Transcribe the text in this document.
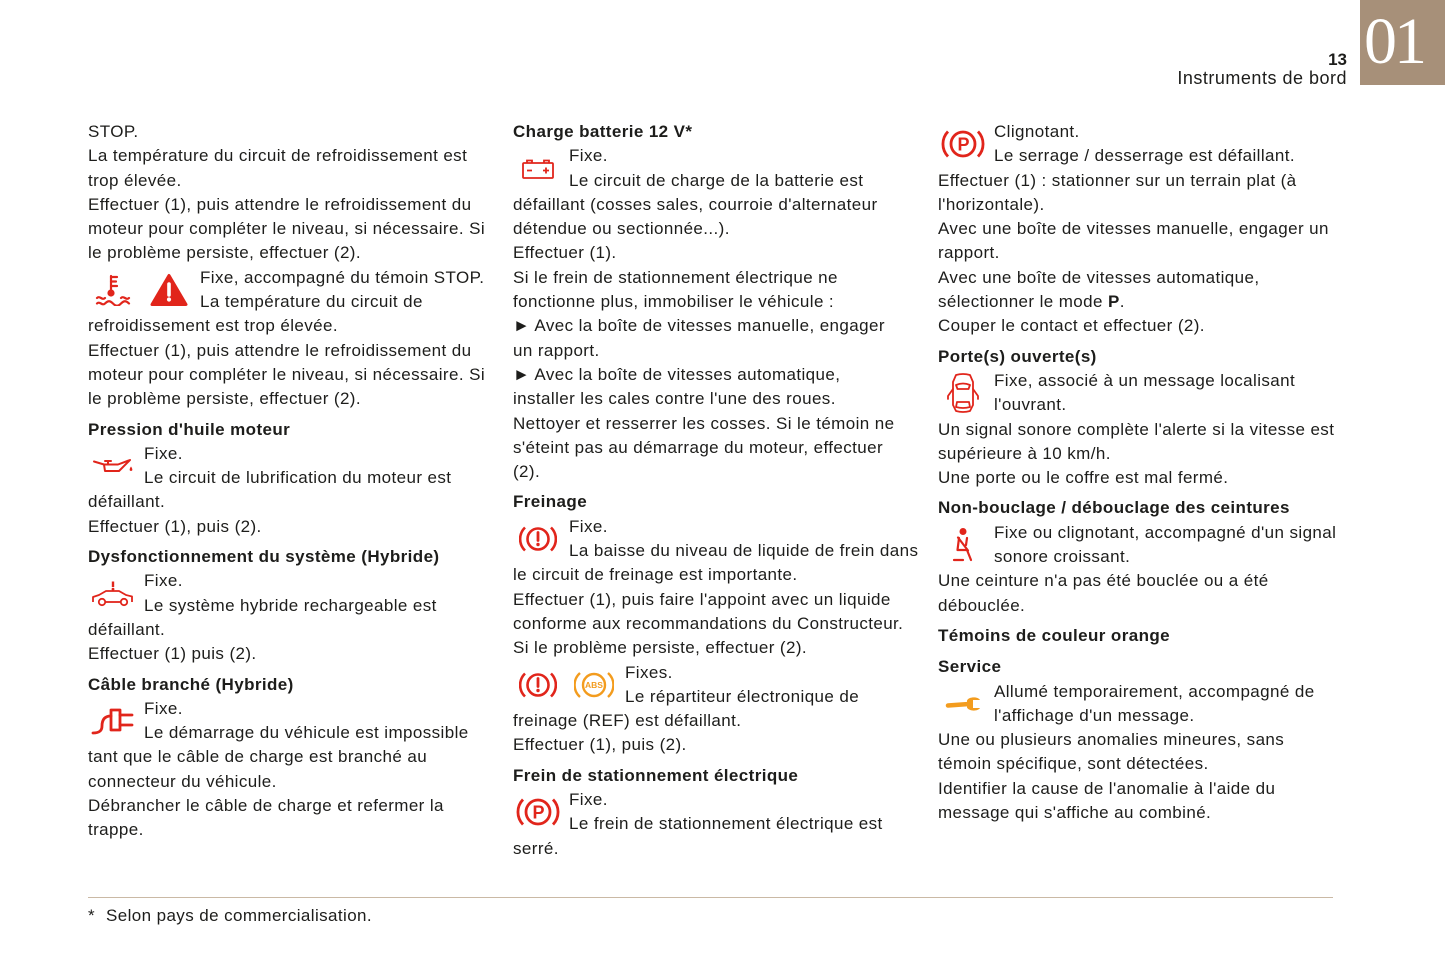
01
13
Instruments de bord
STOP.
La température du circuit de refroidissement est
trop élevée.
Effectuer (1), puis attendre le refroidissement du
moteur pour compléter le niveau, si nécessaire. Si
le problème persiste, effectuer (2).
Fixe, accompagné du témoin STOP.
La température du circuit de
refroidissement est trop élevée.
Effectuer (1), puis attendre le refroidissement du
moteur pour compléter le niveau, si nécessaire. Si
le problème persiste, effectuer (2).
Pression d'huile moteur
Fixe.
Le circuit de lubrification du moteur est
défaillant.
Effectuer (1), puis (2).
Dysfonctionnement du système (Hybride)
Fixe.
Le système hybride rechargeable est
défaillant.
Effectuer (1) puis (2).
Câble branché (Hybride)
Fixe.
Le démarrage du véhicule est impossible
tant que le câble de charge est branché au
connecteur du véhicule.
Débrancher le câble de charge et refermer la
trappe.
Charge batterie 12 V*
Fixe.
Le circuit de charge de la batterie est
défaillant (cosses sales, courroie d'alternateur
détendue ou sectionnée...).
Effectuer (1).
Si le frein de stationnement électrique ne
fonctionne plus, immobiliser le véhicule :
► Avec la boîte de vitesses manuelle, engager
un rapport.
► Avec la boîte de vitesses automatique,
installer les cales contre l'une des roues.
Nettoyer et resserrer les cosses. Si le témoin ne
s'éteint pas au démarrage du moteur, effectuer
(2).
Freinage
Fixe.
La baisse du niveau de liquide de frein dans
le circuit de freinage est importante.
Effectuer (1), puis faire l'appoint avec un liquide
conforme aux recommandations du Constructeur.
Si le problème persiste, effectuer (2).
ABS
Fixes.
Le répartiteur électronique de
freinage (REF) est défaillant.
Effectuer (1), puis (2).
Frein de stationnement électrique
P
Fixe.
Le frein de stationnement électrique est
serré.
P
Clignotant.
Le serrage / desserrage est défaillant.
Effectuer (1) : stationner sur un terrain plat (à
l'horizontale).
Avec une boîte de vitesses manuelle, engager un
rapport.
Avec une boîte de vitesses automatique,
sélectionner le mode P.
Couper le contact et effectuer (2).
Porte(s) ouverte(s)
Fixe, associé à un message localisant
l'ouvrant.
Un signal sonore complète l'alerte si la vitesse est
supérieure à 10 km/h.
Une porte ou le coffre est mal fermé.
Non-bouclage / débouclage des ceintures
Fixe ou clignotant, accompagné d'un signal
sonore croissant.
Une ceinture n'a pas été bouclée ou a été
débouclée.
Témoins de couleur orange
Service
Allumé temporairement, accompagné de
l'affichage d'un message.
Une ou plusieurs anomalies mineures, sans
témoin spécifique, sont détectées.
Identifier la cause de l'anomalie à l'aide du
message qui s'affiche au combiné.
* Selon pays de commercialisation.
